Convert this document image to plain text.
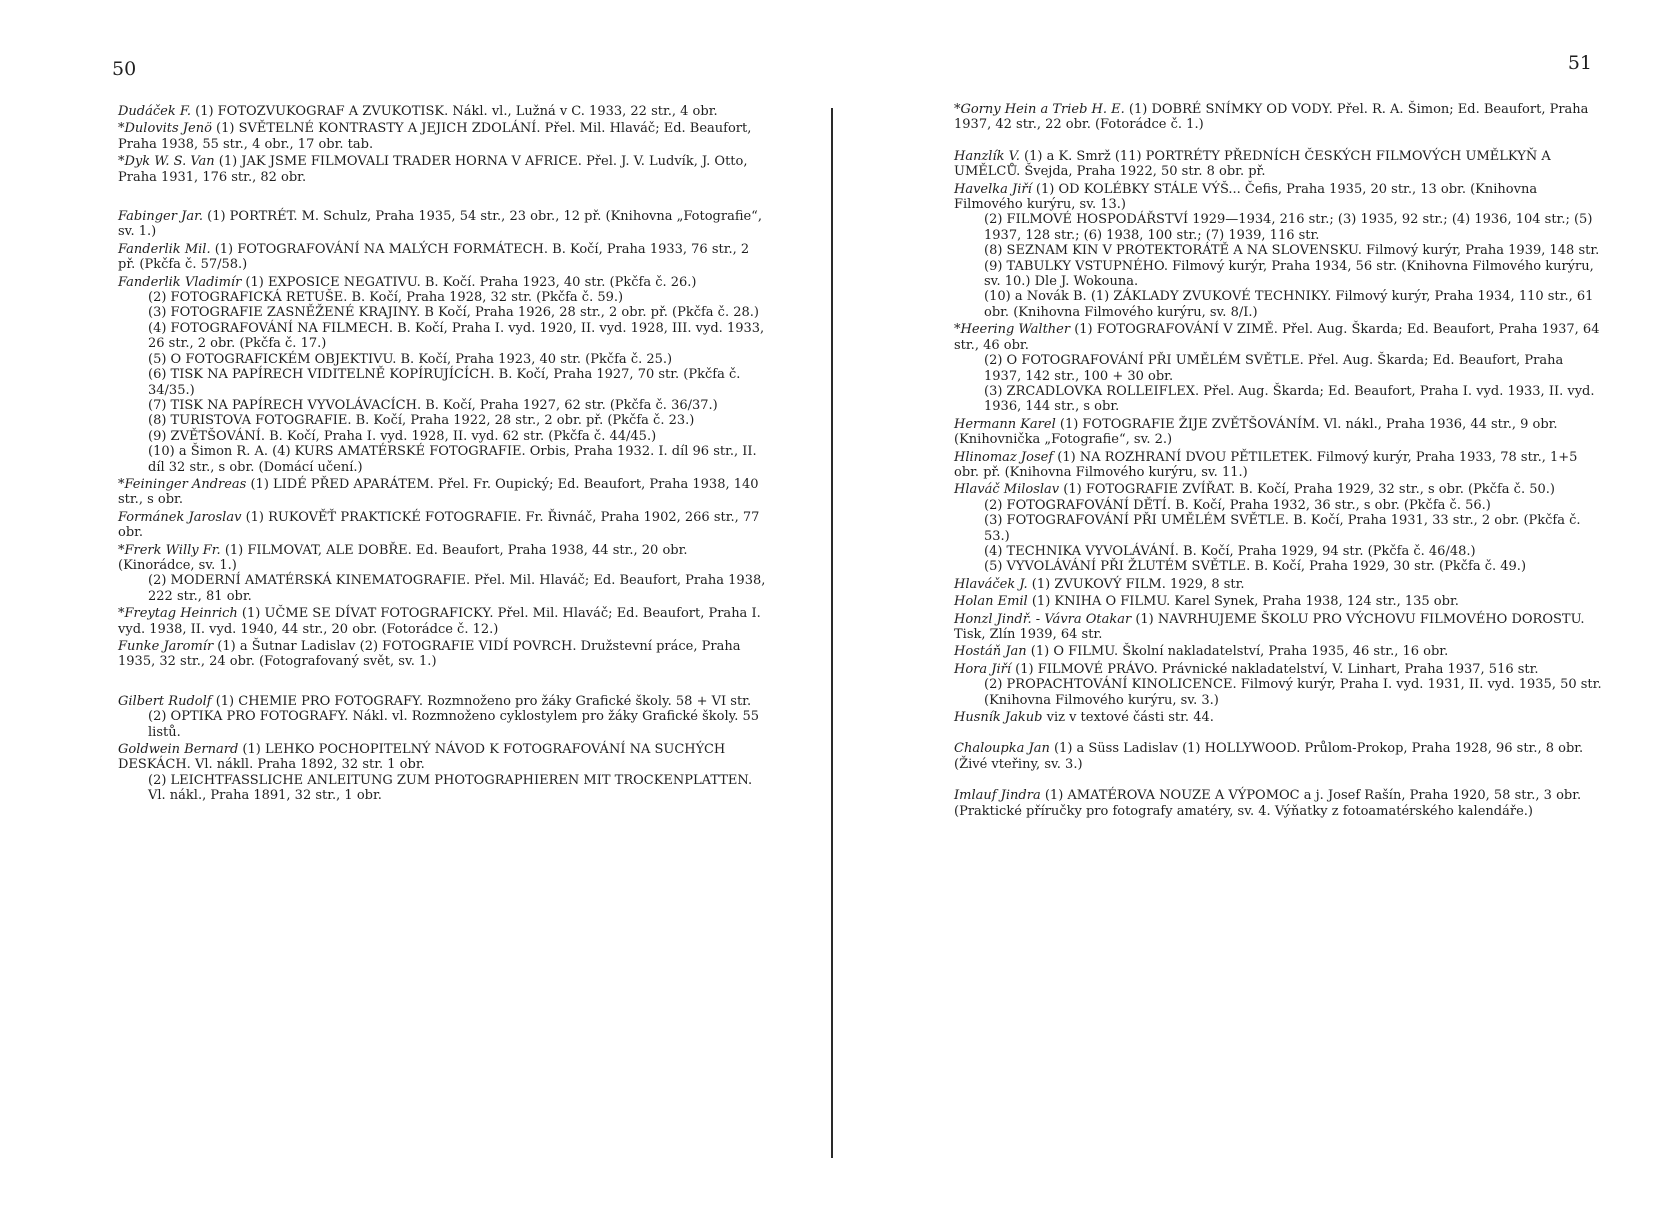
50
Dudáček F. (1) FOTOZVUKOGRAF A ZVUKOTISK. Nákl. vl., Lužná v C. 1933, 22 str., 4 obr.
*Dulovits Jenö (1) SVĚTELNÉ KONTRASTY A JEJICH ZDOLÁNÍ. Přel. Mil. Hlaváč; Ed. Beaufort, Praha 1938, 55 str., 4 obr., 17 obr. tab.
*Dyk W. S. Van (1) JAK JSME FILMOVALI TRADER HORNA V AFRICE. Přel. J. V. Ludvík, J. Otto, Praha 1931, 176 str., 82 obr.
Fabinger Jar. (1) PORTRÉT. M. Schulz, Praha 1935, 54 str., 23 obr., 12 př. (Knihovna „Fotografie“, sv. 1.)
Fanderlik Mil. (1) FOTOGRAFOVÁNÍ NA MALÝCH FORMÁTECH. B. Kočí, Praha 1933, 76 str., 2 př. (Pkčfa č. 57/58.)
Fanderlik Vladimír (1) EXPOSICE NEGATIVU. B. Kočí. Praha 1923, 40 str. (Pkčfa č. 26.)
(2) FOTOGRAFICKÁ RETUŠE. B. Kočí, Praha 1928, 32 str. (Pkčfa č. 59.)
(3) FOTOGRAFIE ZASNĚŽENÉ KRAJINY. B Kočí, Praha 1926, 28 str., 2 obr. př. (Pkčfa č. 28.)
(4) FOTOGRAFOVÁNÍ NA FILMECH. B. Kočí, Praha I. vyd. 1920, II. vyd. 1928, III. vyd. 1933, 26 str., 2 obr. (Pkčfa č. 17.)
(5) O FOTOGRAFICKÉM OBJEKTIVU. B. Kočí, Praha 1923, 40 str. (Pkčfa č. 25.)
(6) TISK NA PAPÍRECH VIDITELNĚ KOPÍRUJÍCÍCH. B. Kočí, Praha 1927, 70 str. (Pkčfa č. 34/35.)
(7) TISK NA PAPÍRECH VYVOLÁVACÍCH. B. Kočí, Praha 1927, 62 str. (Pkčfa č. 36/37.)
(8) TURISTOVA FOTOGRAFIE. B. Kočí, Praha 1922, 28 str., 2 obr. př. (Pkčfa č. 23.)
(9) ZVĚTŠOVÁNÍ. B. Kočí, Praha I. vyd. 1928, II. vyd. 62 str. (Pkčfa č. 44/45.)
(10) a Šimon R. A. (4) KURS AMATÉRSKÉ FOTOGRAFIE. Orbis, Praha 1932. I. díl 96 str., II. díl 32 str., s obr. (Domácí učení.)
*Feininger Andreas (1) LIDÉ PŘED APARÁTEM. Přel. Fr. Oupický; Ed. Beaufort, Praha 1938, 140 str., s obr.
Formánek Jaroslav (1) RUKOVĚŤ PRAKTICKÉ FOTOGRAFIE. Fr. Řivnáč, Praha 1902, 266 str., 77 obr.
*Frerk Willy Fr. (1) FILMOVAT, ALE DOBŘE. Ed. Beaufort, Praha 1938, 44 str., 20 obr. (Kinorádce, sv. 1.)
(2) MODERNÍ AMATÉRSKÁ KINEMATOGRAFIE. Přel. Mil. Hlaváč; Ed. Beaufort, Praha 1938, 222 str., 81 obr.
*Freytag Heinrich (1) UČME SE DÍVAT FOTOGRAFICKY. Přel. Mil. Hlaváč; Ed. Beaufort, Praha I. vyd. 1938, II. vyd. 1940, 44 str., 20 obr. (Fotorádce č. 12.)
Funke Jaromír (1) a Šutnar Ladislav (2) FOTOGRAFIE VIDÍ POVRCH. Družstevní práce, Praha 1935, 32 str., 24 obr. (Fotografovaný svět, sv. 1.)
Gilbert Rudolf (1) CHEMIE PRO FOTOGRAFY. Rozmnoženo pro žáky Grafické školy. 58 + VI str.
(2) OPTIKA PRO FOTOGRAFY. Nákl. vl. Rozmnoženo cyklostylem pro žáky Grafické školy. 55 listů.
Goldwein Bernard (1) LEHKO POCHOPITELNÝ NÁVOD K FOTOGRAFOVÁNÍ NA SUCHÝCH DESKÁCH. Vl. nákll. Praha 1892, 32 str. 1 obr.
(2) LEICHTFASSLICHE ANLEITUNG ZUM PHOTOGRAPHIEREN MIT TROCKENPLATTEN. Vl. nákl., Praha 1891, 32 str., 1 obr.
51
*Gorny Hein a Trieb H. E. (1) DOBRÉ SNÍMKY OD VODY. Přel. R. A. Šimon; Ed. Beaufort, Praha 1937, 42 str., 22 obr. (Fotorádce č. 1.)
Hanzlík V. (1) a K. Smrž (11) PORTRÉTY PŘEDNÍCH ČESKÝCH FILMOVÝCH UMĚLKYŇ A UMĚLCŮ. Švejda, Praha 1922, 50 str. 8 obr. př.
Havelka Jiří (1) OD KOLÉBKY STÁLE VÝŠ... Čefis, Praha 1935, 20 str., 13 obr. (Knihovna Filmového kurýru, sv. 13.)
(2) FILMOVÉ HOSPODÁŘSTVÍ 1929—1934, 216 str.; (3) 1935, 92 str.; (4) 1936, 104 str.; (5) 1937, 128 str.; (6) 1938, 100 str.; (7) 1939, 116 str.
(8) SEZNAM KIN V PROTEKTORÁTĚ A NA SLOVENSKU. Filmový kurýr, Praha 1939, 148 str.
(9) TABULKY VSTUPNÉHO. Filmový kurýr, Praha 1934, 56 str. (Knihovna Filmového kurýru, sv. 10.) Dle J. Wokouna.
(10) a Novák B. (1) ZÁKLADY ZVUKOVÉ TECHNIKY. Filmový kurýr, Praha 1934, 110 str., 61 obr. (Knihovna Filmového kurýru, sv. 8/I.)
*Heering Walther (1) FOTOGRAFOVÁNÍ V ZIMĚ. Přel. Aug. Škarda; Ed. Beaufort, Praha 1937, 64 str., 46 obr.
(2) O FOTOGRAFOVÁNÍ PŘI UMĚLÉM SVĚTLE. Přel. Aug. Škarda; Ed. Beaufort, Praha 1937, 142 str., 100 + 30 obr.
(3) ZRCADLOVKA ROLLEIFLEX. Přel. Aug. Škarda; Ed. Beaufort, Praha I. vyd. 1933, II. vyd. 1936, 144 str., s obr.
Hermann Karel (1) FOTOGRAFIE ŽIJE ZVĚTŠOVÁNÍM. Vl. nákl., Praha 1936, 44 str., 9 obr. (Knihovnička „Fotografie“, sv. 2.)
Hlinomaz Josef (1) NA ROZHRANÍ DVOU PĚTILETEK. Filmový kurýr, Praha 1933, 78 str., 1+5 obr. př. (Knihovna Filmového kurýru, sv. 11.)
Hlaváč Miloslav (1) FOTOGRAFIE ZVÍŘAT. B. Kočí, Praha 1929, 32 str., s obr. (Pkčfa č. 50.)
(2) FOTOGRAFOVÁNÍ DĚTÍ. B. Kočí, Praha 1932, 36 str., s obr. (Pkčfa č. 56.)
(3) FOTOGRAFOVÁNÍ PŘI UMĚLÉM SVĚTLE. B. Kočí, Praha 1931, 33 str., 2 obr. (Pkčfa č. 53.)
(4) TECHNIKA VYVOLÁVÁNÍ. B. Kočí, Praha 1929, 94 str. (Pkčfa č. 46/48.)
(5) VYVOLÁVÁNÍ PŘI ŽLUTÉM SVĚTLE. B. Kočí, Praha 1929, 30 str. (Pkčfa č. 49.)
Hlaváček J. (1) ZVUKOVÝ FILM. 1929, 8 str.
Holan Emil (1) KNIHA O FILMU. Karel Synek, Praha 1938, 124 str., 135 obr.
Honzl Jindř. - Vávra Otakar (1) NAVRHUJEME ŠKOLU PRO VÝCHOVU FILMOVÉHO DOROSTU. Tisk, Zlín 1939, 64 str.
Hostáň Jan (1) O FILMU. Školní nakladatelství, Praha 1935, 46 str., 16 obr.
Hora Jiří (1) FILMOVÉ PRÁVO. Právnické nakladatelství, V. Linhart, Praha 1937, 516 str.
(2) PROPACHTOVÁNÍ KINOLICENCE. Filmový kurýr, Praha I. vyd. 1931, II. vyd. 1935, 50 str. (Knihovna Filmového kurýru, sv. 3.)
Husník Jakub viz v textové části str. 44.
Chaloupka Jan (1) a Süss Ladislav (1) HOLLYWOOD. Průlom-Prokop, Praha 1928, 96 str., 8 obr. (Živé vteřiny, sv. 3.)
Imlauf Jindra (1) AMATÉROVA NOUZE A VÝPOMOC a j. Josef Rašín, Praha 1920, 58 str., 3 obr. (Praktické příručky pro fotografy amatéry, sv. 4. Výňatky z fotoamatérského kalendáře.)
